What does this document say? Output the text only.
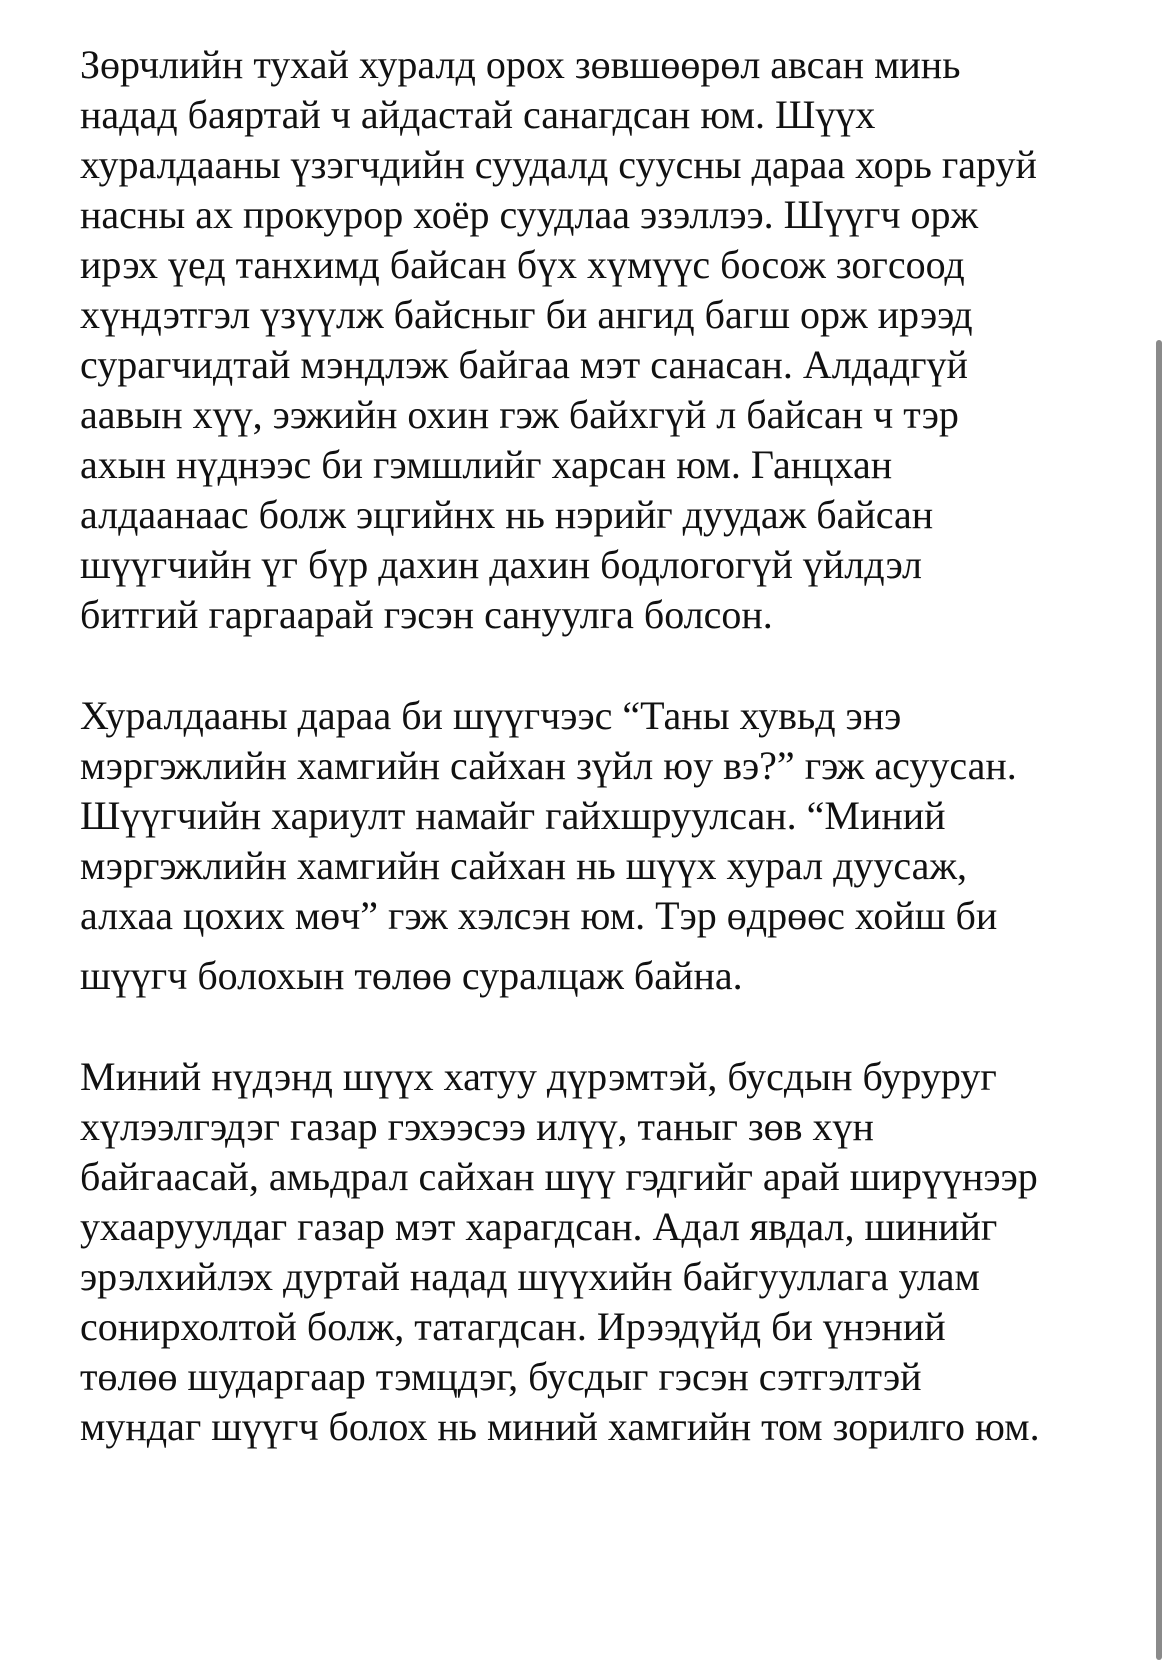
Зөрчлийн тухай хуралд орох зөвшөөрөл авсан минь
надад баяртай ч айдастай санагдсан юм. Шүүх
хуралдааны үзэгчдийн суудалд суусны дараа хорь гаруй
насны ах прокурор хоёр суудлаа эзэллээ. Шүүгч орж
ирэх үед танхимд байсан бүх хүмүүс босож зогсоод
хүндэтгэл үзүүлж байсныг би ангид багш орж ирээд
сурагчидтай мэндлэж байгаа мэт санасан. Алдадгүй
аавын хүү, ээжийн охин гэж байхгүй л байсан ч тэр
ахын нүднээс би гэмшлийг харсан юм. Ганцхан
алдаанаас болж эцгийнх нь нэрийг дуудаж байсан
шүүгчийн үг бүр дахин дахин бодлогогүй үйлдэл
битгий гаргаарай гэсэн сануулга болсон.

Хуралдааны дараа би шүүгчээс “Таны хувьд энэ
мэргэжлийн хамгийн сайхан зүйл юу вэ?” гэж асуусан.
Шүүгчийн хариулт намайг гайхшруулсан. “Миний
мэргэжлийн хамгийн сайхан нь шүүх хурал дуусаж,
алхаа цохих мөч” гэж хэлсэн юм. Тэр өдрөөс хойш би
шүүгч болохын төлөө суралцаж байна.

Миний нүдэнд шүүх хатуу дүрэмтэй, бусдын буруруг
хүлээлгэдэг газар гэхээсээ илүү, таныг зөв хүн
байгаасай, амьдрал сайхан шүү гэдгийг арай ширүүнээр
ухааруулдаг газар мэт харагдсан. Адал явдал, шинийг
эрэлхийлэх дуртай надад шүүхийн байгууллага улам
сонирхолтой болж, татагдсан. Ирээдүйд би үнэний
төлөө шударгаар тэмцдэг, бусдыг гэсэн сэтгэлтэй
мундаг шүүгч болох нь миний хамгийн том зорилго юм.
